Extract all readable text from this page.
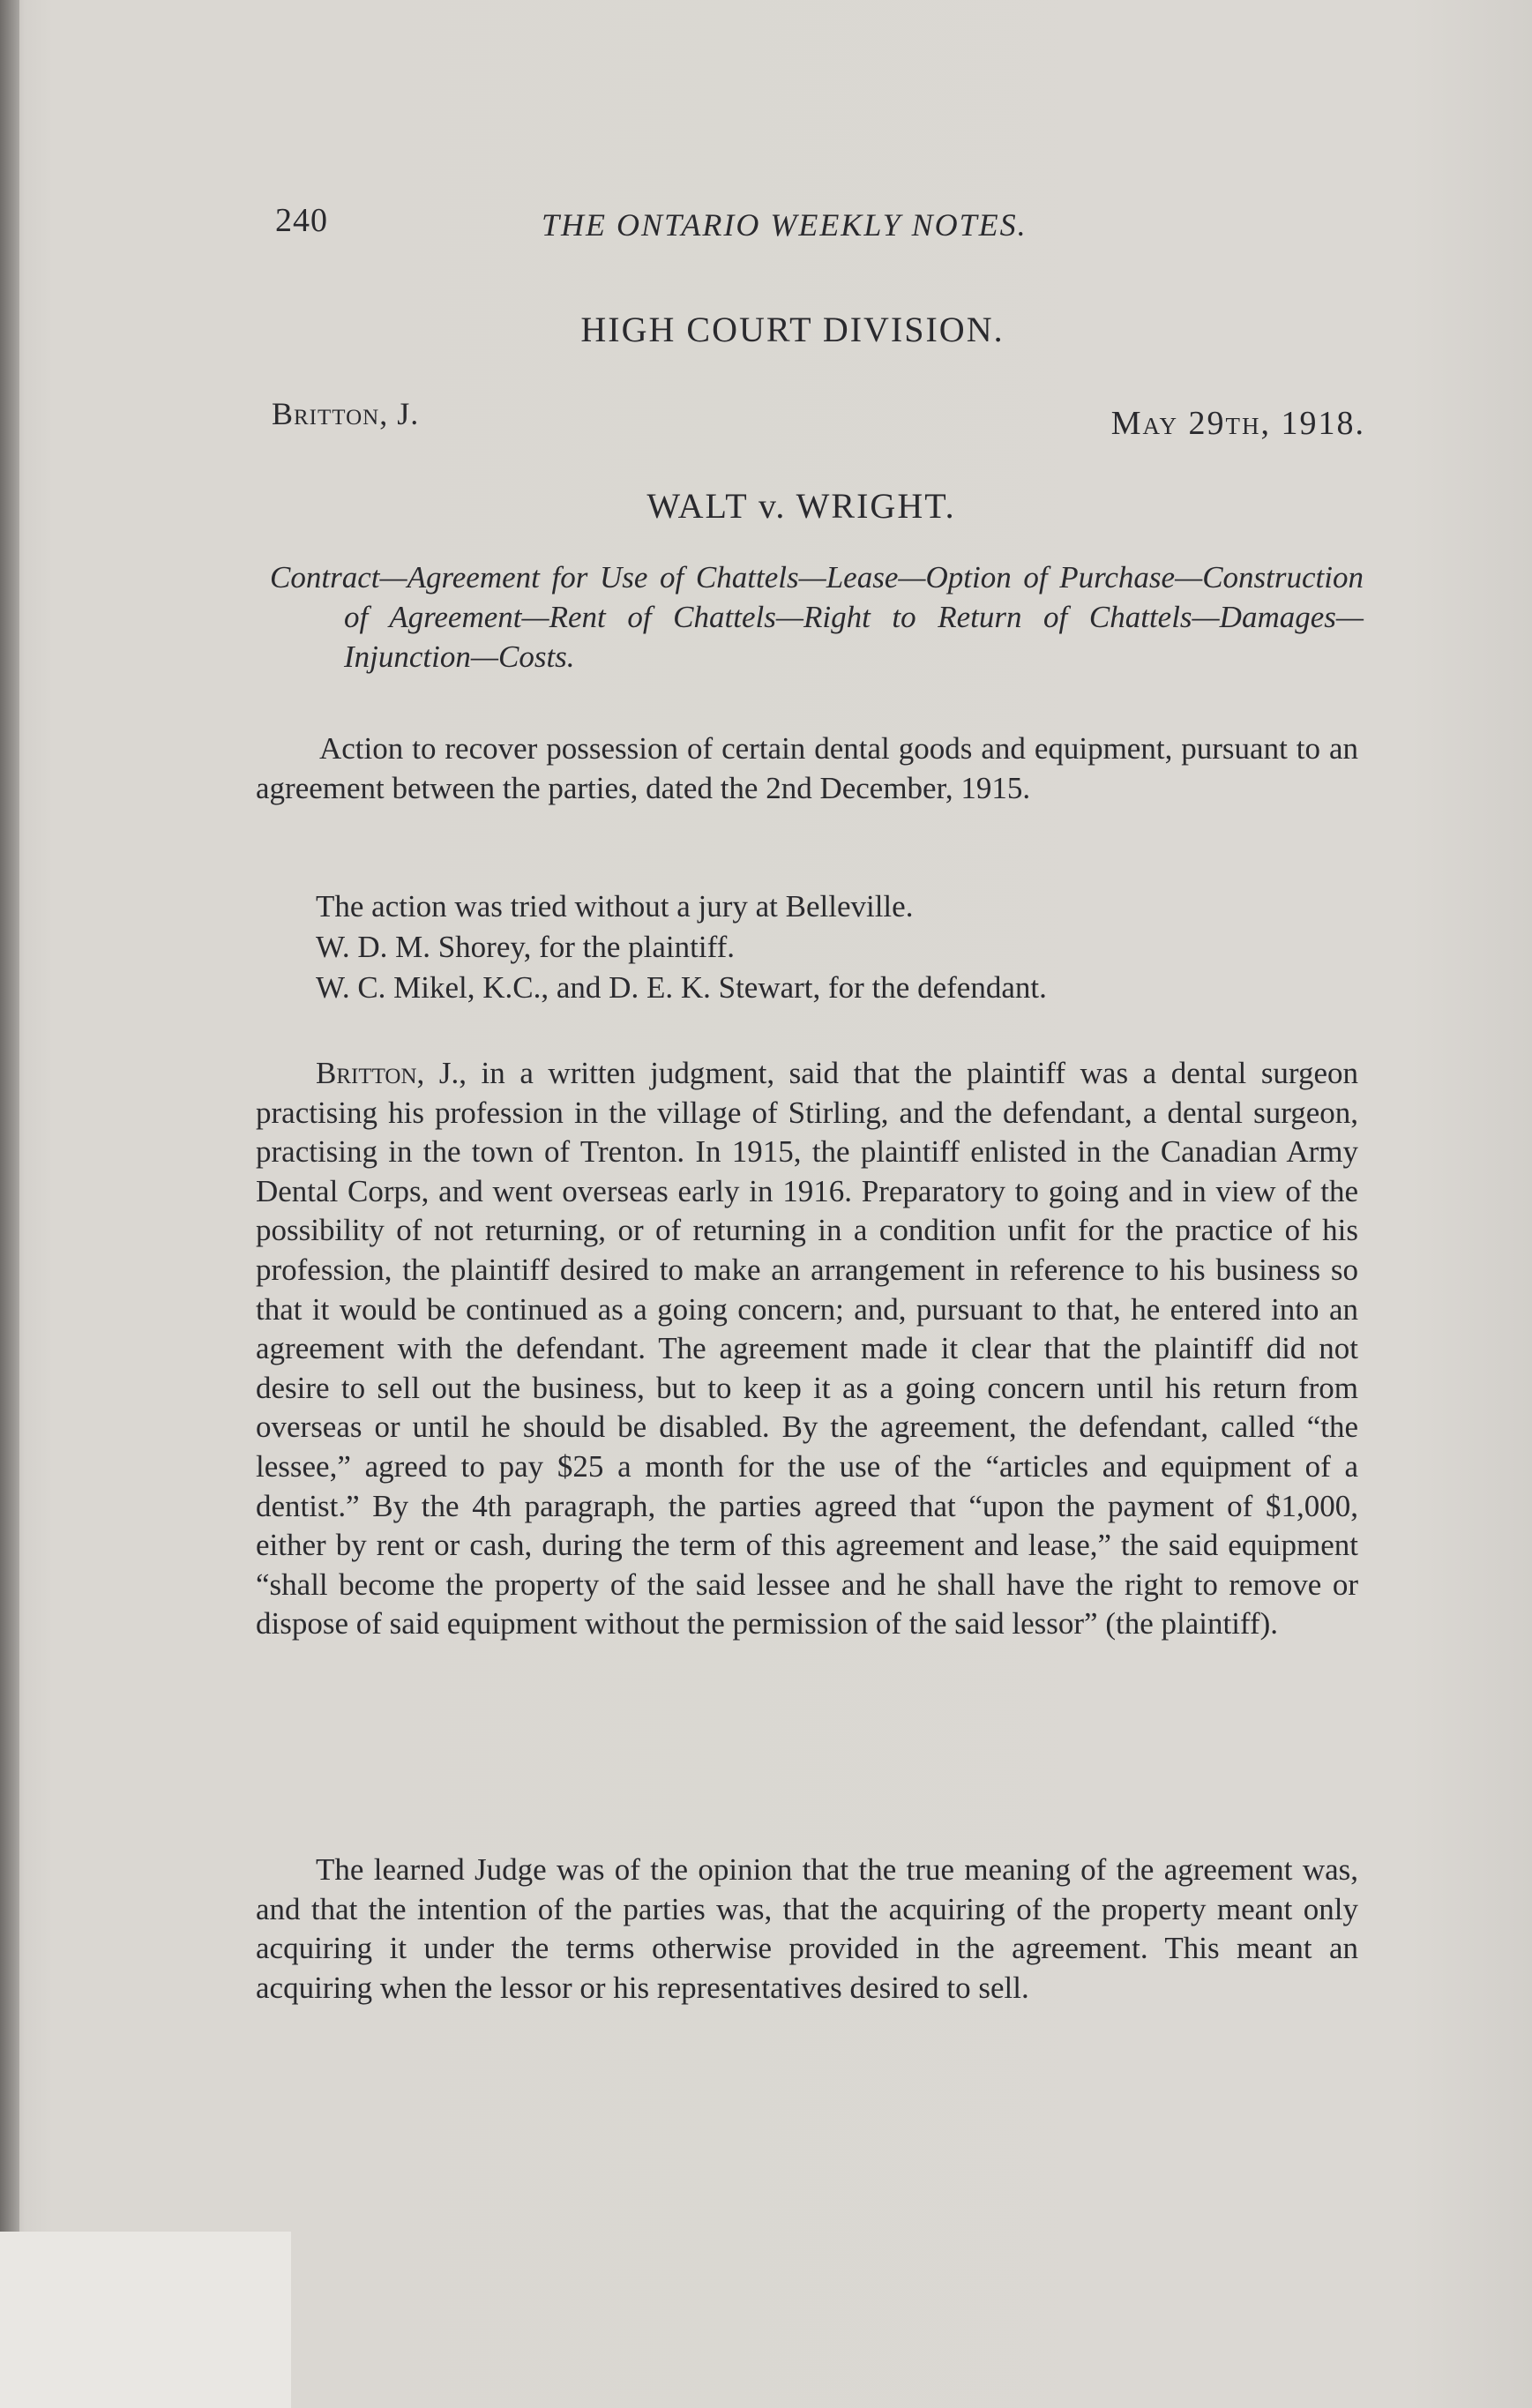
240	THE ONTARIO WEEKLY NOTES.
HIGH COURT DIVISION.
Britton, J.	May 29th, 1918.
WALT v. WRIGHT.
Contract—Agreement for Use of Chattels—Lease—Option of Purchase—Construction of Agreement—Rent of Chattels—Right to Return of Chattels—Damages—Injunction—Costs.
Action to recover possession of certain dental goods and equipment, pursuant to an agreement between the parties, dated the 2nd December, 1915.
The action was tried without a jury at Belleville.
W. D. M. Shorey, for the plaintiff.
W. C. Mikel, K.C., and D. E. K. Stewart, for the defendant.
Britton, J., in a written judgment, said that the plaintiff was a dental surgeon practising his profession in the village of Stirling, and the defendant, a dental surgeon, practising in the town of Trenton. In 1915, the plaintiff enlisted in the Canadian Army Dental Corps, and went overseas early in 1916. Preparatory to going and in view of the possibility of not returning, or of returning in a condition unfit for the practice of his profession, the plaintiff desired to make an arrangement in reference to his business so that it would be continued as a going concern; and, pursuant to that, he entered into an agreement with the defendant. The agreement made it clear that the plaintiff did not desire to sell out the business, but to keep it as a going concern until his return from overseas or until he should be disabled. By the agreement, the defendant, called “the lessee,” agreed to pay $25 a month for the use of the “articles and equipment of a dentist.” By the 4th paragraph, the parties agreed that “upon the payment of $1,000, either by rent or cash, during the term of this agreement and lease,” the said equipment “shall become the property of the said lessee and he shall have the right to remove or dispose of said equipment without the permission of the said lessor” (the plaintiff).
The learned Judge was of the opinion that the true meaning of the agreement was, and that the intention of the parties was, that the acquiring of the property meant only acquiring it under the terms otherwise provided in the agreement. This meant an acquiring when the lessor or his representatives desired to sell.
